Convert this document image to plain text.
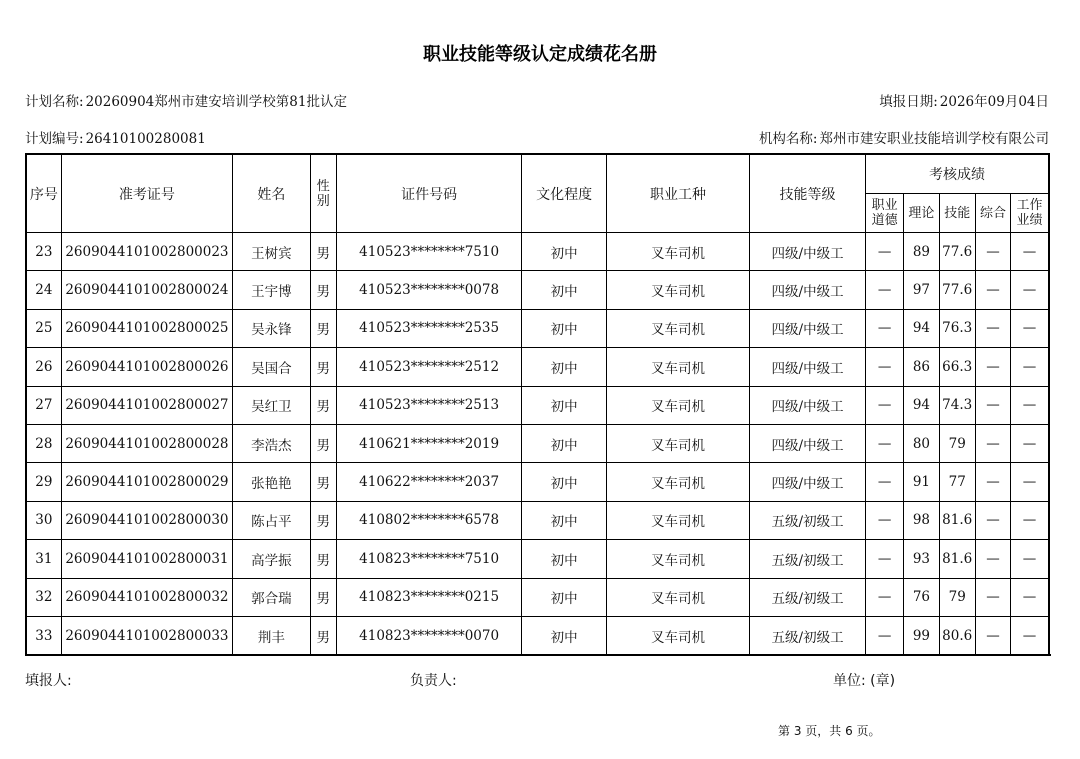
职业技能等级认定成绩花名册
计划名称: 20260904郑州市建安培训学校第81批认定	填报日期: 2026年09月04日
计划编号: 26410100280081	机构名称: 郑州市建安职业技能培训学校有限公司
序号	准考证号	姓名	性别	证件号码	文化程度	职业工种	技能等级	考核成绩				
								职业道德	理论	技能	综合	工作业绩
23	2609044101002800023	王树宾	男	410523********7510	初中	叉车司机	四级/中级工	—	89	77.6	—	—
24	2609044101002800024	王宇博	男	410523********0078	初中	叉车司机	四级/中级工	—	97	77.6	—	—
25	2609044101002800025	吴永锋	男	410523********2535	初中	叉车司机	四级/中级工	—	94	76.3	—	—
26	2609044101002800026	吴国合	男	410523********2512	初中	叉车司机	四级/中级工	—	86	66.3	—	—
27	2609044101002800027	吴红卫	男	410523********2513	初中	叉车司机	四级/中级工	—	94	74.3	—	—
28	2609044101002800028	李浩杰	男	410621********2019	初中	叉车司机	四级/中级工	—	80	79	—	—
29	2609044101002800029	张艳艳	男	410622********2037	初中	叉车司机	四级/中级工	—	91	77	—	—
30	2609044101002800030	陈占平	男	410802********6578	初中	叉车司机	五级/初级工	—	98	81.6	—	—
31	2609044101002800031	高学振	男	410823********7510	初中	叉车司机	五级/初级工	—	93	81.6	—	—
32	2609044101002800032	郭合瑞	男	410823********0215	初中	叉车司机	五级/初级工	—	76	79	—	—
33	2609044101002800033	荆丰	男	410823********0070	初中	叉车司机	五级/初级工	—	99	80.6	—	—
填报人:	负责人:	单位: (章)
第 3 页，共 6 页。
